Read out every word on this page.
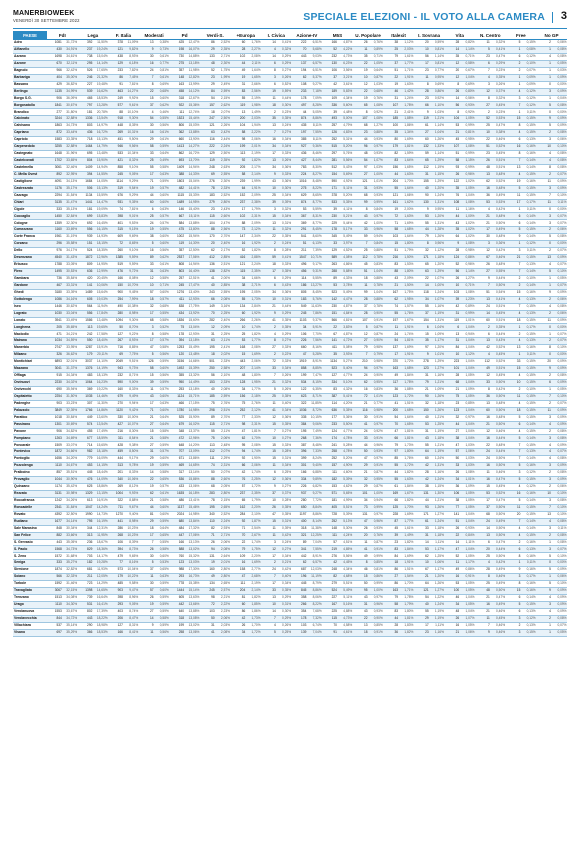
MANERBIOWEEK
VENERDÌ 30 SETTEMBRE 2022	SPECIALE ELEZIONI - IL VOTO ALLA CAMERA 3
PAESE	FdI		Lega		F. Italia		Moderati		Pd		Verdi-S.		+Europa		I. Civica		Azione-IV		M5S		U. Popolare		Italexit		I. Sovrana		Vita		N. Centro		Free		No GP	
Adro	1081	31,72%	392	11,50%	378	11,09%	13	0,38%	425	12,47%	86	2,52%	60	1,76%	14	0,41%	222	6,51%	166	4,87%	26	0,76%	38	1,12%	20	0,59%	28	0,82%	11	0,32%	5	0,15%	2	0,06%
Alfianello	430	34,91%	237	19,24%	121	9,82%	9	0,73%	198	16,07%	29	2,35%	28	2,27%	4	0,32%	70	5,68%	52	4,22%	11	0,89%	25	2,03%	10	0,81%	14	1,14%	5	0,41%	1	0,08%	1	0,08%
Azzano	1698	34,61%	738	15,04%	438	8,93%	30	0,61%	730	14,88%	133	2,71%	102	2,08%	14	0,29%	443	9,03%	232	4,73%	35	0,71%	79	1,61%	56	1,14%	35	0,71%	23	0,47%	6	0,12%	4	0,08%
Azzone	670	32,11%	295	14,14%	129	6,18%	16	0,77%	275	13,18%	48	2,30%	44	2,11%	6	0,29%	137	6,57%	130	6,23%	22	1,05%	37	1,77%	17	0,81%	12	0,58%	6	0,29%	2	0,10%	1	0,05%
Bagnolo	966	32,42%	526	17,65%	233	7,82%	24	0,81%	357	11,98%	52	1,75%	49	1,64%	8	0,27%	194	6,51%	106	3,56%	19	0,64%	51	1,71%	23	0,77%	20	0,67%	7	0,23%	2	0,07%	1	0,03%
Barbariga	404	35,00%	246	21,32%	86	7,45%	7	0,61%	148	12,82%	23	1,99%	19	1,65%	3	0,26%	62	5,37%	37	3,21%	10	0,87%	22	1,91%	11	0,95%	12	1,04%	4	0,35%	1	0,09%	1	0,09%
Bassano	429	36,82%	227	19,48%	91	7,81%	8	0,69%	163	13,99%	29	2,49%	31	2,66%	6	0,52%	108	9,27%	42	3,61%	12	1,03%	19	1,63%	8	0,69%	8	0,69%	3	0,26%	1	0,09%	0	0,00%
Berlingo	1135	34,99%	539	16,62%	463	14,27%	22	0,68%	458	14,12%	84	2,59%	83	2,56%	19	0,59%	233	7,18%	189	5,83%	22	0,68%	46	1,42%	28	0,86%	26	0,80%	12	0,37%	4	0,12%	3	0,09%
Borgo S.G.	906	36,09%	465	18,53%	249	9,92%	15	0,60%	318	12,67%	54	2,15%	55	2,19%	11	0,44%	178	7,09%	109	4,34%	19	0,76%	31	1,24%	23	0,92%	14	0,56%	8	0,32%	3	0,12%	1	0,04%
Borgosatollo	1841	30,67%	797	13,28%	577	9,61%	37	0,62%	922	15,36%	157	2,62%	119	1,98%	18	0,30%	497	8,28%	336	5,60%	65	1,08%	107	1,78%	66	1,10%	56	0,93%	27	0,45%	7	0,12%	5	0,08%
Brandico	277	31,80%	181	20,78%	88	10,10%	4	0,46%	111	12,74%	18	2,07%	13	1,49%	2	0,23%	44	5,05%	39	4,48%	8	0,92%	21	2,41%	9	1,03%	8	0,92%	2	0,23%	1	0,11%	0	0,00%
Calcinato	3244	32,88%	1336	13,54%	918	9,30%	54	0,55%	1523	15,44%	247	2,50%	200	2,03%	35	0,35%	874	8,86%	493	5,00%	107	1,08%	185	1,88%	119	1,21%	104	1,05%	52	0,53%	15	0,15%	9	0,09%
Calvisano	1863	34,73%	803	14,97%	448	8,35%	30	0,56%	806	15,03%	121	2,26%	104	1,94%	13	0,24%	435	8,11%	257	4,79%	68	1,27%	100	1,86%	61	1,14%	53	0,99%	25	0,47%	8	0,15%	5	0,09%
Capriano	872	33,44%	436	16,72%	269	10,31%	16	0,61%	362	13,88%	63	2,42%	58	2,22%	7	0,27%	197	7,55%	126	4,83%	23	0,88%	35	1,34%	27	1,04%	21	0,81%	10	0,38%	4	0,15%	2	0,08%
Capriolo	1583	33,35%	718	15,13%	451	9,50%	29	0,61%	660	13,90%	116	2,44%	98	2,06%	16	0,34%	385	8,11%	252	5,31%	44	0,93%	80	1,69%	60	1,26%	45	0,95%	22	0,46%	6	0,13%	3	0,06%
Carpenedolo	3255	32,88%	1464	14,79%	946	9,56%	58	0,59%	1413	14,27%	222	2,24%	199	2,01%	34	0,34%	927	9,36%	515	5,20%	96	0,97%	179	1,81%	132	1,33%	107	1,08%	51	0,52%	16	0,16%	10	0,10%
Castegnato	1648	31,96%	695	13,48%	533	10,34%	33	0,64%	862	16,72%	129	2,50%	113	2,19%	17	0,33%	436	8,46%	297	5,76%	48	0,93%	82	1,59%	59	1,14%	51	0,99%	23	0,45%	8	0,16%	4	0,08%
Castelcovati	1702	33,65%	804	15,90%	421	8,32%	25	0,49%	693	13,70%	119	2,35%	92	1,82%	13	0,26%	427	8,44%	281	5,56%	54	1,07%	83	1,64%	65	1,29%	58	1,15%	26	0,51%	7	0,14%	4	0,08%
Castelmella	3061	32,46%	1409	14,94%	858	9,10%	55	0,58%	1409	14,94%	248	2,63%	205	2,17%	34	0,36%	783	8,30%	512	5,43%	97	1,03%	156	1,65%	112	1,19%	93	0,99%	48	0,51%	13	0,14%	8	0,08%
C. Mella Ovest	892	32,95%	394	14,55%	245	9,05%	17	0,63%	388	14,33%	69	2,55%	58	2,14%	9	0,33%	224	8,27%	154	5,69%	27	1,00%	44	1,63%	31	1,15%	26	0,96%	13	0,48%	4	0,15%	2	0,07%
Castiglione	4091	34,13%	1684	14,05%	1114	9,29%	71	0,59%	1803	15,04%	276	2,30%	239	1,99%	43	0,36%	1016	8,48%	590	4,92%	121	1,01%	204	1,70%	155	1,29%	122	1,02%	62	0,52%	19	0,16%	11	0,09%
Castrezzato	1176	35,17%	506	15,13%	319	9,54%	19	0,57%	482	14,41%	78	2,33%	64	1,91%	10	0,30%	275	8,22%	171	5,11%	31	0,93%	55	1,64%	40	1,20%	35	1,05%	16	0,48%	5	0,15%	3	0,09%
Cazzago	2294	31,54%	1134	15,59%	676	9,29%	44	0,60%	1115	15,33%	183	2,52%	152	2,09%	25	0,34%	629	8,65%	378	5,20%	68	0,93%	121	1,66%	90	1,24%	76	1,04%	36	0,49%	11	0,15%	7	0,10%
Chiari	3135	31,47%	1441	14,47%	931	9,35%	60	0,60%	1489	14,95%	279	2,80%	237	2,38%	39	0,39%	874	8,77%	533	5,35%	99	0,99%	161	1,62%	130	1,31%	108	1,08%	53	0,53%	17	0,17%	11	0,11%
Cigole	333	35,13%	181	19,09%	74	7,81%	6	0,63%	146	15,40%	23	2,43%	17	1,79%	3	0,32%	53	5,59%	39	4,11%	8	0,84%	19	2,00%	9	0,95%	11	1,16%	4	0,42%	1	0,11%	0	0,00%
Coccaglio	1450	32,84%	699	15,83%	398	9,01%	25	0,57%	667	15,11%	115	2,60%	102	2,31%	15	0,34%	367	8,31%	230	5,21%	43	0,97%	72	1,63%	53	1,20%	44	1,00%	21	0,48%	6	0,14%	3	0,07%
Cologne	1359	32,30%	692	16,45%	401	9,53%	24	0,57%	584	13,88%	104	2,47%	88	2,09%	13	0,31%	369	8,77%	229	5,44%	42	1,00%	71	1,69%	55	1,31%	43	1,02%	21	0,50%	6	0,14%	3	0,07%
Comezzano	1160	33,69%	556	16,15%	315	9,15%	19	0,55%	475	13,80%	88	2,56%	73	2,12%	11	0,32%	291	8,45%	178	5,17%	33	0,96%	58	1,68%	44	1,28%	35	1,02%	17	0,49%	5	0,15%	2	0,06%
Corte Franca	1961	31,19%	939	14,93%	609	9,69%	38	0,60%	1002	15,94%	170	2,70%	147	2,34%	22	0,35%	541	8,60%	345	5,49%	59	0,94%	103	1,64%	79	1,26%	64	1,02%	30	0,48%	9	0,14%	5	0,08%
Corzano	296	35,58%	151	18,15%	72	8,65%	5	0,60%	119	14,30%	20	2,40%	16	1,92%	2	0,24%	51	6,13%	33	3,97%	7	0,84%	15	1,80%	8	0,96%	9	1,08%	3	0,36%	1	0,12%	0	0,00%
Dello	976	34,17%	524	18,35%	260	9,10%	16	0,56%	357	12,50%	62	2,17%	52	1,82%	8	0,28%	211	7,39%	129	4,52%	25	0,88%	51	1,79%	32	1,12%	28	0,98%	12	0,42%	3	0,11%	2	0,07%
Desenzano	4540	31,43%	1872	12,96%	1385	9,59%	89	0,62%	2537	17,56%	412	2,85%	416	2,88%	59	0,41%	1547	10,71%	589	4,08%	112	0,78%	216	1,50%	171	1,18%	124	0,86%	67	0,46%	21	0,15%	13	0,09%
Erbusco	1788	33,05%	809	14,95%	519	9,59%	33	0,61%	808	14,94%	136	2,51%	121	2,24%	18	0,33%	496	9,17%	263	4,86%	45	0,83%	83	1,53%	65	1,20%	52	0,96%	26	0,48%	7	0,13%	4	0,07%
Flero	1495	30,53%	636	12,99%	476	9,72%	31	0,63%	803	16,40%	138	2,82%	115	2,35%	17	0,35%	456	9,31%	288	5,88%	51	1,04%	88	1,80%	63	1,29%	56	1,14%	27	0,55%	7	0,14%	5	0,10%
Gambara	736	35,84%	420	20,45%	166	8,08%	12	0,58%	257	12,51%	41	2,00%	34	1,66%	6	0,29%	114	5,55%	89	4,33%	18	0,88%	43	2,09%	22	1,07%	26	1,27%	9	0,44%	2	0,10%	1	0,05%
Gardone	467	33,31%	141	10,06%	150	10,70%	10	0,71%	245	17,47%	40	2,85%	38	2,71%	6	0,43%	186	13,27%	53	3,78%	11	0,78%	21	1,50%	14	1,00%	10	0,71%	7	0,50%	2	0,14%	1	0,07%
Ghedi	3180	33,39%	1489	15,64%	900	9,45%	57	0,60%	1276	13,40%	243	2,55%	195	2,05%	34	0,36%	805	8,45%	523	5,49%	99	1,04%	167	1,75%	118	1,24%	103	1,08%	51	0,54%	15	0,16%	9	0,09%
Gottolengo	1086	34,16%	605	19,03%	254	7,99%	18	0,57%	411	12,93%	66	2,08%	55	1,73%	10	0,31%	183	5,76%	142	4,47%	28	0,88%	62	1,95%	34	1,07%	39	1,23%	13	0,41%	4	0,13%	2	0,06%
Iseo	1446	30,62%	564	11,94%	490	10,38%	32	0,68%	838	17,75%	149	3,16%	134	2,84%	21	0,44%	549	11,63%	230	4,87%	37	0,78%	74	1,57%	55	1,16%	42	0,89%	24	0,51%	7	0,15%	4	0,08%
Lograto	1030	33,04%	556	17,84%	280	8,98%	17	0,55%	434	13,92%	70	2,25%	60	1,92%	9	0,29%	245	7,86%	151	4,84%	28	0,90%	55	1,76%	37	1,19%	31	0,99%	14	0,45%	4	0,13%	2	0,06%
Lonato	3941	33,49%	1586	13,48%	1094	9,30%	68	0,58%	1836	15,60%	282	2,40%	266	2,26%	41	0,35%	1103	9,37%	566	4,81%	107	0,91%	197	1,67%	154	1,31%	119	1,01%	60	0,51%	18	0,15%	11	0,09%
Longhena	205	35,65%	113	19,65%	50	8,70%	3	0,52%	75	13,04%	12	2,09%	10	1,74%	2	0,35%	34	5,91%	22	3,83%	5	0,87%	11	1,91%	6	1,04%	6	1,04%	2	0,35%	1	0,17%	0	0,00%
Maclodio	471	34,21%	242	17,58%	127	9,22%	8	0,58%	178	12,93%	31	2,25%	25	1,82%	4	0,29%	106	7,70%	67	4,87%	12	0,87%	24	1,74%	15	1,09%	13	0,94%	6	0,44%	2	0,15%	1	0,07%
Mairano	1034	34,59%	550	18,40%	267	8,93%	17	0,57%	394	13,18%	63	2,11%	53	1,77%	8	0,27%	226	7,56%	141	4,72%	27	0,90%	54	1,81%	35	1,17%	31	1,04%	13	0,43%	4	0,13%	2	0,07%
Manerbio	2747	33,95%	1287	15,91%	716	8,85%	47	0,58%	1253	15,49%	195	2,41%	168	2,08%	27	0,33%	660	8,16%	411	5,08%	79	0,98%	137	1,69%	97	1,20%	84	1,04%	42	0,52%	13	0,16%	8	0,10%
Milzano	326	36,62%	179	20,11%	69	7,75%	5	0,56%	120	13,48%	18	2,02%	15	1,69%	2	0,22%	47	5,28%	35	3,93%	7	0,79%	17	1,91%	9	1,01%	10	1,12%	4	0,45%	1	0,11%	0	0,00%
Montichiari	6893	32,01%	3037	14,10%	2049	9,51%	126	0,59%	3156	14,66%	501	2,33%	443	2,06%	72	0,33%	1919	8,91%	1134	5,27%	210	0,98%	370	1,72%	278	1,29%	223	1,04%	112	0,52%	33	0,15%	20	0,09%
Mazzano	3041	31,37%	1376	14,19%	943	9,73%	58	0,60%	1492	15,39%	250	2,58%	207	2,14%	33	0,34%	858	8,85%	523	5,40%	94	0,97%	163	1,68%	123	1,27%	101	1,04%	49	0,51%	15	0,15%	9	0,09%
Offlaga	915	34,34%	483	18,13%	232	8,71%	15	0,56%	355	13,32%	56	2,10%	48	1,80%	7	0,26%	199	7,47%	127	4,77%	24	0,90%	49	1,84%	31	1,16%	28	1,05%	12	0,45%	4	0,15%	2	0,08%
Orzinuovi	2230	34,02%	1064	16,23%	590	9,00%	39	0,59%	950	14,49%	153	2,33%	128	1,95%	21	0,32%	534	8,15%	334	5,10%	62	0,95%	117	1,78%	79	1,21%	68	1,04%	33	0,50%	10	0,15%	6	0,09%
Orzivecchi	690	35,94%	369	19,22%	160	8,33%	11	0,57%	253	13,18%	40	2,08%	34	1,77%	5	0,26%	122	6,35%	83	4,32%	16	0,83%	36	1,88%	21	1,09%	21	1,09%	8	0,42%	2	0,10%	1	0,05%
Ospitaletto	2254	31,50%	1035	14,46%	679	9,49%	43	0,60%	1124	15,71%	185	2,59%	156	2,18%	25	0,35%	623	8,71%	387	5,41%	72	1,01%	123	1,72%	90	1,26%	75	1,05%	36	0,50%	11	0,15%	7	0,10%
Padenghe	903	33,23%	307	11,30%	270	9,94%	17	0,63%	466	17,15%	75	2,76%	75	2,76%	11	0,40%	322	11,85%	114	4,20%	21	0,77%	41	1,51%	32	1,18%	23	0,85%	13	0,48%	4	0,15%	2	0,07%
Palazzolo	3849	32,39%	1766	14,86%	1120	9,42%	71	0,60%	1780	14,98%	298	2,51%	252	2,12%	41	0,34%	1036	8,72%	636	5,35%	116	0,98%	200	1,68%	150	1,26%	123	1,04%	60	0,50%	18	0,15%	11	0,09%
Paratico	1018	30,84%	449	13,60%	330	10,00%	21	0,64%	525	15,90%	89	2,70%	77	2,33%	12	0,36%	335	10,15%	177	5,36%	30	0,91%	54	1,64%	40	1,21%	32	0,97%	16	0,48%	5	0,15%	3	0,09%
Passirano	1301	30,69%	574	13,54%	427	10,07%	27	0,64%	679	16,02%	115	2,71%	98	2,31%	15	0,35%	384	9,06%	233	5,50%	41	0,97%	70	1,65%	53	1,25%	44	1,04%	21	0,50%	6	0,14%	4	0,09%
Pavone	906	34,82%	455	17,49%	216	8,30%	15	0,58%	348	13,37%	55	2,11%	47	1,81%	7	0,27%	195	7,49%	124	4,77%	24	0,92%	47	1,81%	31	1,19%	27	1,04%	12	0,46%	4	0,15%	2	0,08%
Pompiano	1263	34,69%	677	18,59%	311	8,54%	21	0,58%	472	12,96%	75	2,06%	62	1,70%	10	0,27%	268	7,36%	174	4,78%	33	0,91%	66	1,81%	43	1,18%	38	1,04%	16	0,44%	5	0,14%	3	0,08%
Poncarale	1509	33,07%	714	15,65%	428	9,38%	27	0,59%	648	14,20%	113	2,48%	95	2,08%	15	0,33%	387	8,48%	241	5,28%	44	0,96%	79	1,73%	55	1,21%	47	1,03%	22	0,48%	7	0,15%	4	0,09%
Pontevico	1872	34,66%	982	18,18%	459	8,50%	31	0,57%	707	13,09%	112	2,07%	94	1,74%	15	0,28%	396	7,33%	258	4,78%	50	0,93%	97	1,80%	64	1,19%	57	1,06%	24	0,44%	7	0,13%	4	0,07%
Pontoglio	1656	34,20%	779	16,09%	444	9,17%	29	0,60%	671	13,86%	111	2,29%	92	1,90%	15	0,31%	399	8,24%	252	5,20%	47	0,97%	85	1,76%	60	1,24%	50	1,03%	24	0,50%	7	0,14%	4	0,08%
Pozzolengo	1110	34,67%	453	14,15%	313	9,78%	19	0,59%	469	14,65%	74	2,31%	66	2,06%	11	0,34%	301	9,40%	157	4,90%	29	0,91%	55	1,72%	42	1,31%	33	1,03%	16	0,50%	5	0,16%	3	0,09%
Pralboino	857	35,51%	445	18,44%	201	8,33%	14	0,58%	317	13,14%	50	2,07%	42	1,74%	6	0,25%	166	6,88%	111	4,60%	21	0,87%	44	1,82%	28	1,16%	26	1,08%	11	0,46%	3	0,12%	2	0,08%
Provaglio	1044	30,90%	476	14,09%	340	10,06%	22	0,65%	536	15,86%	88	2,60%	76	2,25%	12	0,36%	334	9,89%	182	5,39%	32	0,95%	55	1,63%	42	1,24%	34	1,01%	16	0,47%	5	0,15%	3	0,09%
Quinzano	1174	35,42%	625	18,86%	269	8,12%	19	0,57%	433	13,06%	68	2,05%	57	1,72%	9	0,27%	226	6,82%	153	4,62%	29	0,87%	61	1,84%	38	1,15%	36	1,09%	15	0,45%	4	0,12%	2	0,06%
Rezzato	3131	30,98%	1329	13,15%	1004	9,93%	62	0,61%	1635	16,18%	283	2,80%	237	2,35%	37	0,37%	937	9,27%	571	5,65%	101	1,00%	169	1,67%	131	1,30%	106	1,05%	53	0,52%	16	0,16%	10	0,10%
Roccafranca	1242	34,26%	613	16,91%	322	8,88%	21	0,58%	486	13,41%	78	2,15%	65	1,79%	10	0,28%	280	7,72%	181	4,99%	34	0,94%	66	1,82%	44	1,21%	38	1,05%	17	0,47%	5	0,14%	3	0,08%
Roncadelle	2341	31,84%	1047	14,24%	711	9,67%	44	0,60%	1137	15,46%	195	2,65%	162	2,20%	26	0,35%	650	8,84%	405	5,51%	73	0,99%	125	1,70%	93	1,26%	77	1,05%	37	0,50%	11	0,15%	7	0,10%
Rovato	4392	32,50%	1990	14,73%	1270	9,40%	81	0,60%	2024	14,98%	340	2,52%	284	2,10%	47	0,35%	1197	8,86%	728	5,39%	131	0,97%	228	1,69%	171	1,27%	141	1,04%	68	0,50%	20	0,15%	13	0,10%
Rudiano	1677	34,14%	795	16,19%	441	8,98%	29	0,59%	680	13,84%	110	2,24%	92	1,87%	15	0,31%	400	8,14%	252	5,13%	47	0,96%	87	1,77%	61	1,24%	51	1,04%	24	0,49%	7	0,14%	4	0,08%
Sale Marasino	848	30,34%	344	12,31%	286	10,23%	18	0,64%	484	17,32%	82	2,93%	71	2,54%	11	0,39%	318	11,38%	148	5,30%	26	0,93%	45	1,61%	33	1,18%	26	0,93%	14	0,50%	4	0,14%	3	0,11%
San Felice	882	33,66%	313	11,95%	268	10,23%	17	0,65%	447	17,06%	71	2,71%	70	2,67%	11	0,42%	321	12,25%	111	4,24%	20	0,76%	39	1,49%	31	1,18%	22	0,84%	13	0,50%	4	0,15%	2	0,08%
S. Gervasio	443	35,05%	236	18,67%	106	8,39%	7	0,55%	166	13,13%	26	2,06%	22	1,74%	3	0,24%	89	7,04%	57	4,51%	11	0,87%	23	1,82%	14	1,11%	14	1,11%	6	0,47%	2	0,16%	1	0,08%
S. Paolo	1568	34,73%	829	18,36%	394	8,73%	26	0,58%	588	13,02%	94	2,08%	79	1,75%	12	0,27%	341	7,55%	219	4,85%	41	0,91%	83	1,84%	53	1,17%	47	1,04%	20	0,44%	6	0,13%	3	0,07%
S. Zeno	1572	31,68%	703	14,17%	479	9,65%	30	0,60%	760	15,32%	131	2,64%	109	2,20%	17	0,34%	442	8,91%	276	5,56%	49	0,99%	84	1,69%	62	1,25%	52	1,05%	25	0,50%	8	0,16%	5	0,10%
Seniga	333	35,27%	182	19,28%	77	8,16%	5	0,53%	123	13,03%	19	2,01%	16	1,69%	2	0,21%	62	6,57%	42	4,45%	8	0,85%	18	1,91%	10	1,06%	11	1,17%	4	0,42%	1	0,11%	0	0,00%
Sirmione	1874	32,82%	681	11,93%	573	10,04%	37	0,65%	988	17,30%	160	2,80%	158	2,77%	24	0,42%	687	12,03%	248	4,34%	46	0,81%	86	1,51%	67	1,17%	49	0,86%	28	0,49%	9	0,16%	5	0,09%
Soiano	566	32,33%	211	12,05%	179	10,22%	11	0,63%	293	16,73%	49	2,80%	47	2,68%	7	0,40%	196	11,19%	82	4,68%	15	0,86%	27	1,54%	21	1,20%	16	0,91%	8	0,46%	3	0,17%	1	0,06%
Torbole	1592	31,46%	723	14,29%	485	9,58%	30	0,59%	778	15,38%	134	2,65%	111	2,19%	17	0,34%	445	8,79%	279	5,51%	50	0,99%	86	1,70%	64	1,26%	53	1,05%	25	0,49%	8	0,16%	5	0,10%
Travagliato	3067	32,15%	1398	14,65%	903	9,47%	57	0,60%	1444	15,14%	245	2,57%	204	2,14%	33	0,35%	845	8,86%	524	5,49%	95	1,00%	163	1,71%	121	1,27%	100	1,05%	48	0,50%	15	0,16%	9	0,09%
Trenzano	1513	34,08%	739	16,64%	398	8,96%	26	0,59%	605	13,63%	98	2,21%	81	1,82%	13	0,29%	358	8,06%	227	5,11%	43	0,97%	79	1,78%	54	1,22%	46	1,04%	21	0,47%	6	0,14%	4	0,09%
Urago	1110	34,30%	531	16,41%	293	9,05%	19	0,59%	442	13,66%	72	2,22%	60	1,85%	10	0,31%	266	8,22%	167	5,16%	31	0,96%	58	1,79%	40	1,24%	34	1,05%	16	0,49%	5	0,15%	3	0,09%
Verolanuova	1553	33,67%	802	17,39%	403	8,74%	27	0,59%	640	13,88%	103	2,23%	86	1,86%	14	0,30%	354	7,68%	225	4,88%	43	0,93%	83	1,80%	55	1,19%	48	1,04%	21	0,46%	6	0,13%	4	0,09%
Verolavecchia	844	34,72%	443	18,22%	206	8,47%	14	0,58%	318	13,08%	50	2,06%	42	1,73%	7	0,29%	178	7,32%	115	4,73%	22	0,90%	44	1,81%	29	1,19%	26	1,07%	11	0,45%	3	0,12%	2	0,08%
Villachiara	537	35,14%	290	18,98%	127	8,31%	9	0,59%	199	13,02%	31	2,03%	26	1,70%	4	0,26%	103	6,74%	70	4,58%	13	0,85%	28	1,83%	17	1,11%	16	1,05%	7	0,46%	2	0,13%	1	0,07%
Visano	697	35,29%	366	18,53%	166	8,41%	11	0,56%	258	13,06%	41	2,08%	34	1,72%	5	0,25%	139	7,04%	91	4,61%	18	0,91%	36	1,82%	23	1,16%	21	1,06%	9	0,46%	3	0,15%	1	0,05%
